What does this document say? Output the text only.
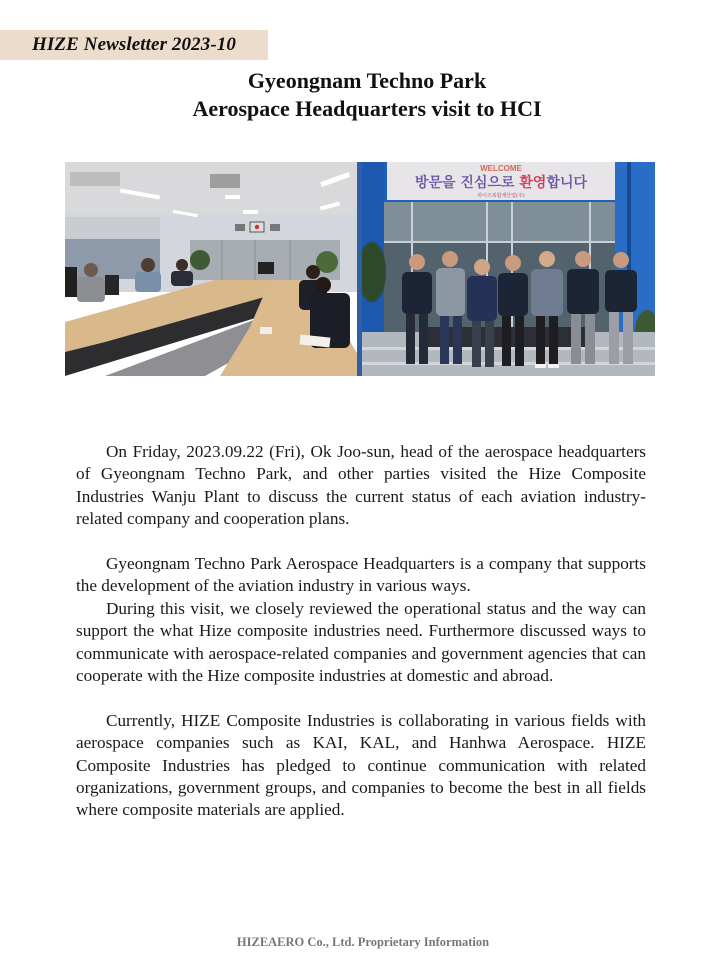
HIZE Newsletter 2023-10
Gyeongnam Techno Park
Aerospace Headquarters visit to HCI
WELCOME
방문을 진심으로 환영합니다
하이즈복합재산업(주)

On Friday, 2023.09.22 (Fri), Ok Joo-sun, head of the aerospace headquarters of Gyeongnam Techno Park, and other parties visited the Hize Composite Industries Wanju Plant to discuss the current status of each aviation industry-related company and cooperation plans.

Gyeongnam Techno Park Aerospace Headquarters is a company that supports the development of the aviation industry in various ways.

During this visit, we closely reviewed the operational status and the way can support the what Hize composite industries need. Furthermore discussed ways to communicate with aerospace-related companies and government agencies that can cooperate with the Hize composite industries at domestic and abroad.

Currently, HIZE Composite Industries is collaborating in various fields with aerospace companies such as KAI, KAL, and Hanhwa Aerospace. HIZE Composite Industries has pledged to continue communication with related organizations, government groups, and companies to become the best in all fields where composite materials are applied.

HIZEAERO Co., Ltd. Proprietary Information
